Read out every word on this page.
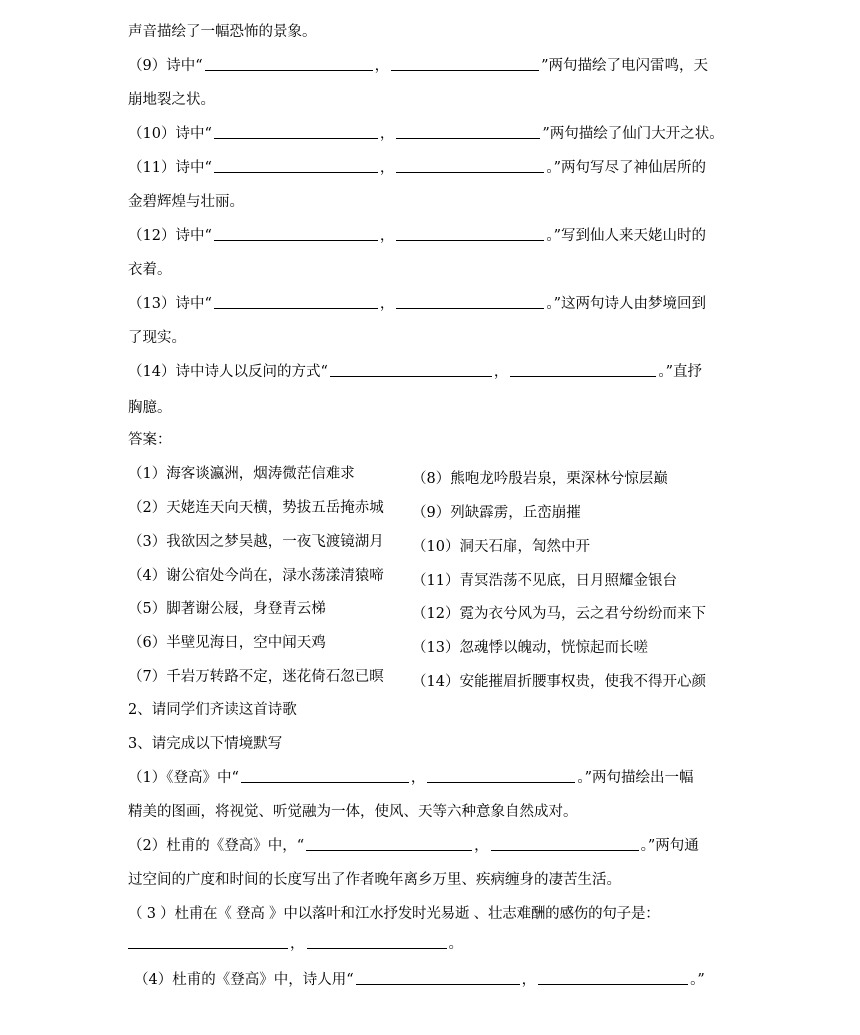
声音描绘了一幅恐怖的景象。
（9）诗中“	，	”两句描绘了电闪雷鸣，天
崩地裂之状。
（10）诗中“	，	”两句描绘了仙门大开之状。
（11）诗中“	，	。”两句写尽了神仙居所的
金碧辉煌与壮丽。
（12）诗中“	，	。”写到仙人来天姥山时的
衣着。
（13）诗中“	，	。”这两句诗人由梦境回到
了现实。
（14）诗中诗人以反问的方式“	，	。”直抒
胸臆。
答案：
（1）海客谈瀛洲，烟涛微茫信难求
（2）天姥连天向天横，势拔五岳掩赤城
（3）我欲因之梦吴越，一夜飞渡镜湖月
（4）谢公宿处今尚在，渌水荡漾清猿啼
（5）脚著谢公屐，身登青云梯
（6）半壁见海日，空中闻天鸡
（7）千岩万转路不定，迷花倚石忽已暝
（8）熊咆龙吟殷岩泉，栗深林兮惊层巅
（9）列缺霹雳，丘峦崩摧
（10）洞天石扉，訇然中开
（11）青冥浩荡不见底，日月照耀金银台
（12）霓为衣兮风为马，云之君兮纷纷而来下
（13）忽魂悸以魄动，恍惊起而长嗟
（14）安能摧眉折腰事权贵，使我不得开心颜
2、请同学们齐读这首诗歌
3、请完成以下情境默写
（1）《登高》中“	，	。”两句描绘出一幅
精美的图画，将视觉、听觉融为一体，使风、天等六种意象自然成对。
（2）杜甫的《登高》中，“	，	。”两句通
过空间的广度和时间的长度写出了作者晚年离乡万里、疾病缠身的凄苦生活。
（ 3 ）杜甫在《 登高 》中以落叶和江水抒发时光易逝 、壮志难酬的感伤的句子是：
，	。
（4）杜甫的《登高》中，诗人用“	，	。”
